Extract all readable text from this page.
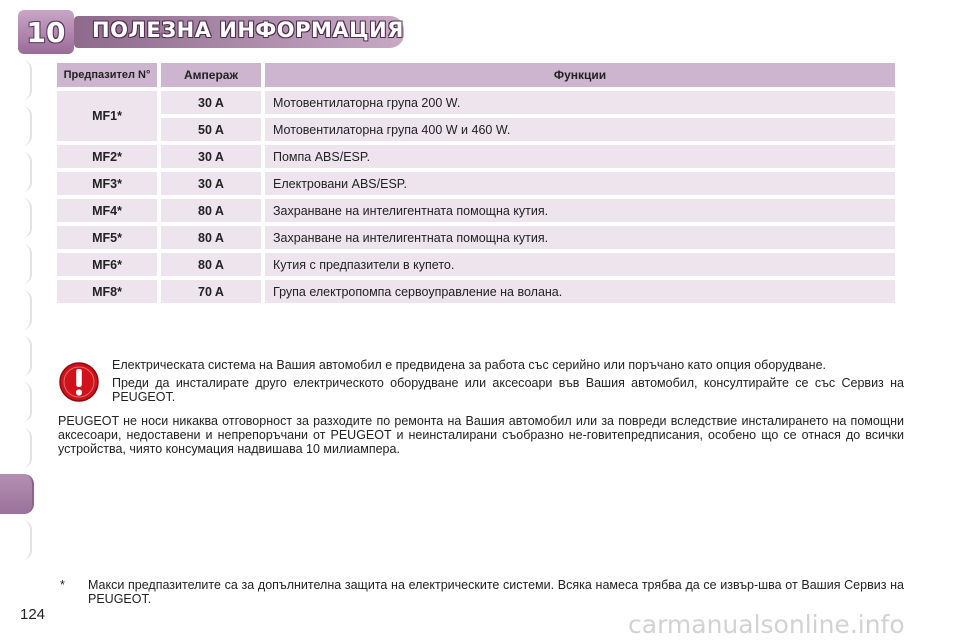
10	ПОЛЕЗНА ИНФОРМАЦИЯ
Предпазител N°	Ампераж	Функции
MF1*	30 A	Мотовентилаторна група 200 W.
	50 A	Мотовентилаторна група 400 W и 460 W.
MF2*	30 A	Помпа ABS/ESP.
MF3*	30 A	Електровани ABS/ESP.
MF4*	80 A	Захранване на интелигентната помощна кутия.
MF5*	80 A	Захранване на интелигентната помощна кутия.
MF6*	80 A	Кутия с предпазители в купето.
MF8*	70 A	Група електропомпа сервоуправление на волана.

Електрическата система на Вашия автомобил е предвидена за работа със серийно или поръчано като опция оборудване.

Преди да инсталирате друго електрическото оборудване или аксесоари във Вашия автомобил, консултирайте се със Сервиз на PEUGEOT.

PEUGEOT не носи никаква отговорност за разходите по ремонта на Вашия автомобил или за повреди вследствие инсталирането на помощни аксесоари, недоставени и непрепоръчани от PEUGEOT и неинсталирани съобразно не-говитепредписания, особено що се отнася до всички устройства, чиято консумация надвишава 10 милиампера.
*	Макси предпазителите са за допълнителна защита на електрическите системи. Всяка намеса трябва да се извър-шва от Вашия Сервиз на PEUGEOT.
124	carmanualsonline.info
